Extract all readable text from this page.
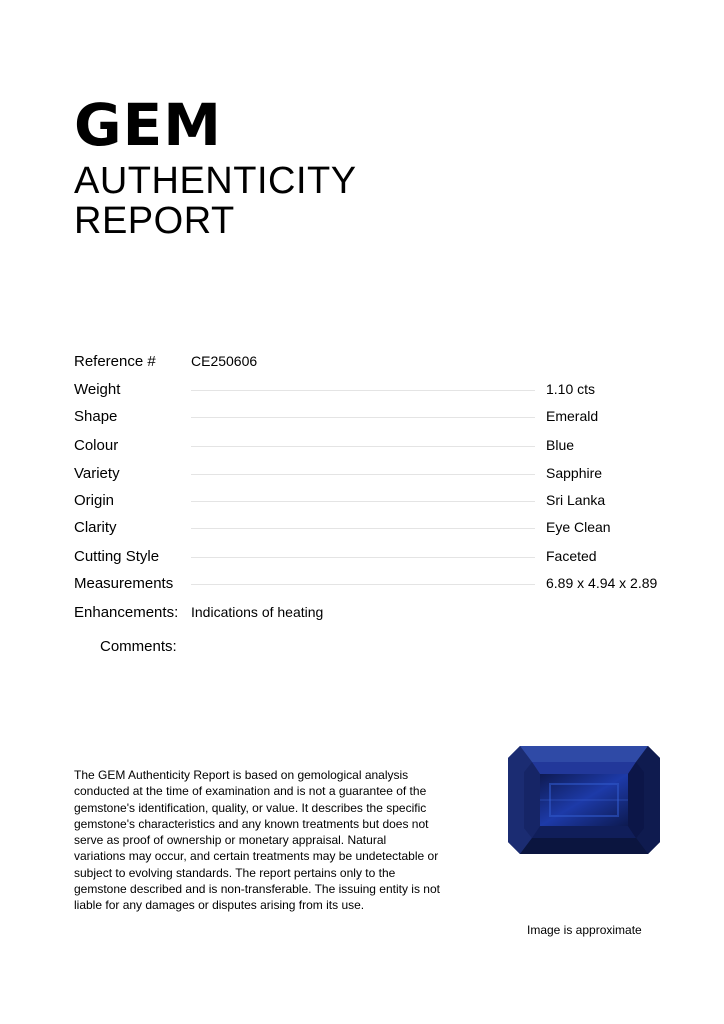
GEM
AUTHENTICITY
REPORT
Reference #	CE250606
Weight	1.10 cts
Shape	Emerald
Colour	Blue
Variety	Sapphire
Origin	Sri Lanka
Clarity	Eye Clean
Cutting Style	Faceted
Measurements	6.89 x 4.94 x 2.89
Enhancements: Indications of heating
Comments:
The GEM Authenticity Report is based on gemological analysis conducted at the time of examination and is not a guarantee of the gemstone's identification, quality, or value. It describes the specific gemstone's characteristics and any known treatments but does not serve as proof of ownership or monetary appraisal. Natural variations may occur, and certain treatments may be undetectable or subject to evolving standards. The report pertains only to the gemstone described and is non-transferable. The issuing entity is not liable for any damages or disputes arising from its use.
Image is approximate
